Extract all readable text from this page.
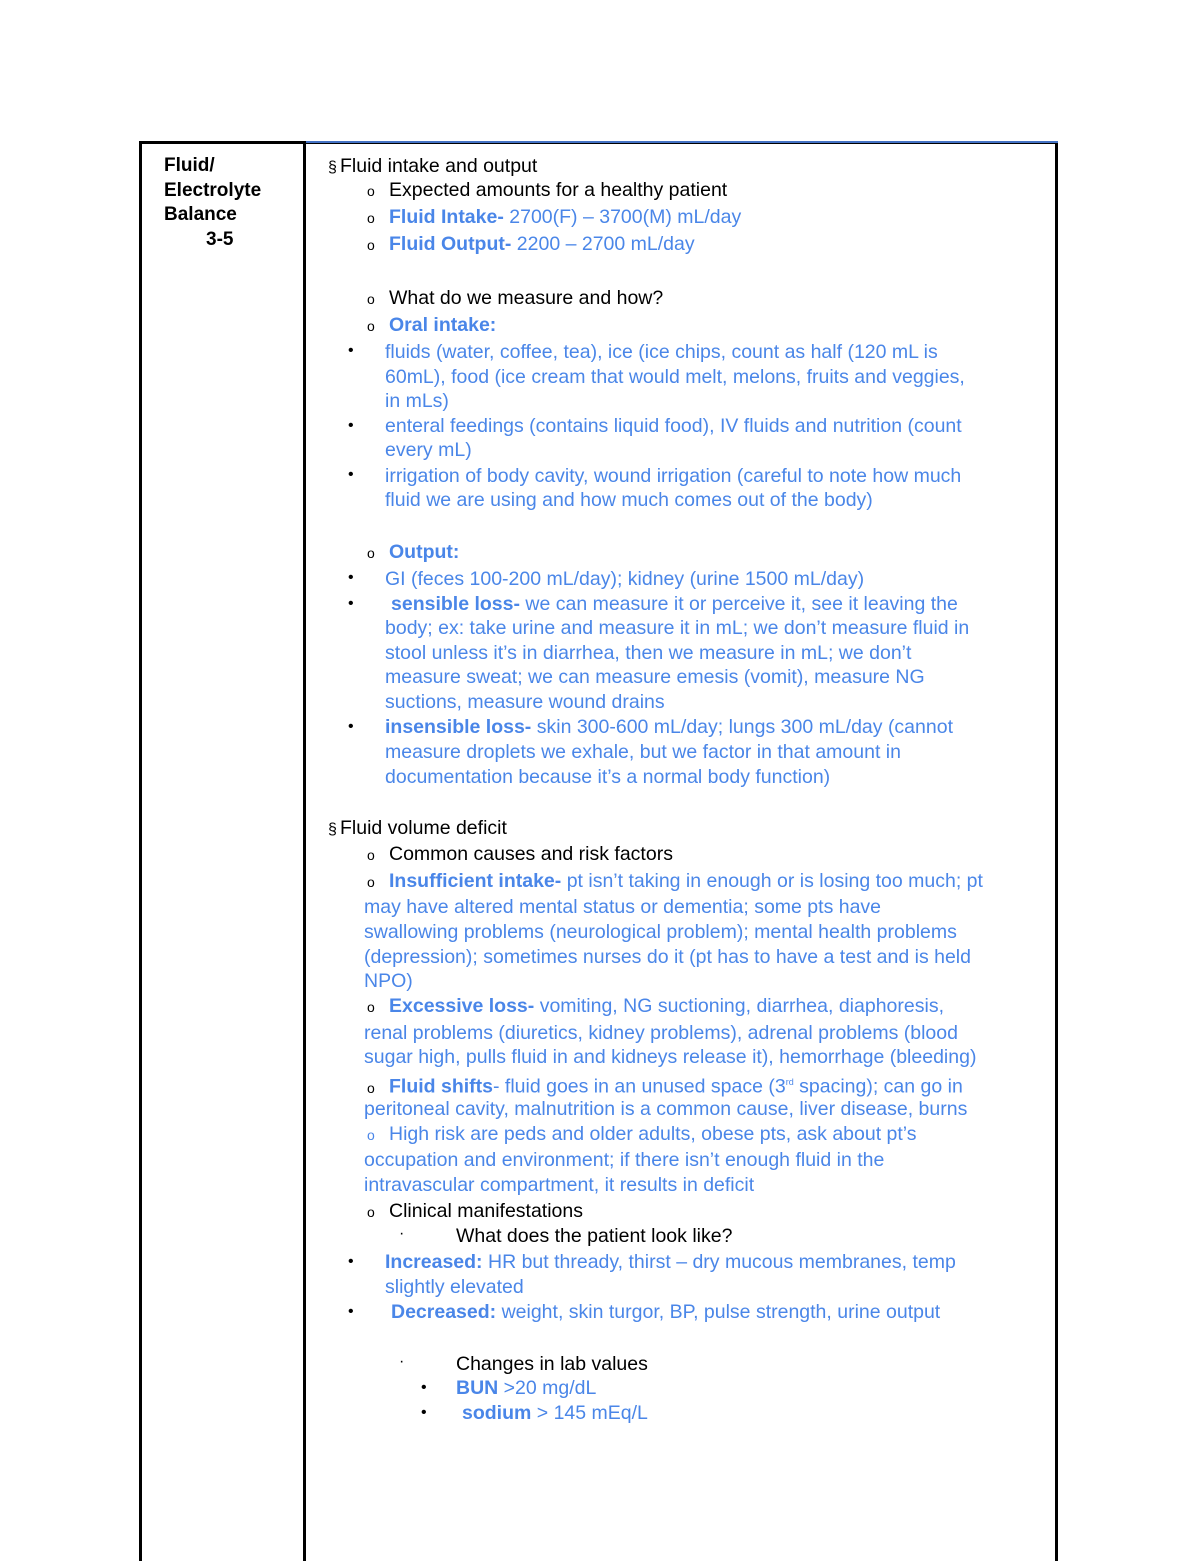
Fluid/
Electrolyte
Balance
3-5
§ Fluid intake and output
o Expected amounts for a healthy patient
o Fluid Intake- 2700(F) – 3700(M) mL/day
o Fluid Output- 2200 – 2700 mL/day
o What do we measure and how?
o Oral intake:
• fluids (water, coffee, tea), ice (ice chips, count as half (120 mL is
60mL), food (ice cream that would melt, melons, fruits and veggies,
in mLs)
• enteral feedings (contains liquid food), IV fluids and nutrition (count
every mL)
• irrigation of body cavity, wound irrigation (careful to note how much
fluid we are using and how much comes out of the body)
o Output:
• GI (feces 100-200 mL/day); kidney (urine 1500 mL/day)
•	sensible loss- we can measure it or perceive it, see it leaving the
body; ex: take urine and measure it in mL; we don’t measure fluid in
stool unless it’s in diarrhea, then we measure in mL; we don’t
measure sweat; we can measure emesis (vomit), measure NG
suctions, measure wound drains
• insensible loss- skin 300-600 mL/day; lungs 300 mL/day (cannot
measure droplets we exhale, but we factor in that amount in
documentation because it’s a normal body function)
§ Fluid volume deficit
o Common causes and risk factors
o Insufficient intake- pt isn’t taking in enough or is losing too much; pt
may have altered mental status or dementia; some pts have
swallowing problems (neurological problem); mental health problems
(depression); sometimes nurses do it (pt has to have a test and is held
NPO)
o Excessive loss- vomiting, NG suctioning, diarrhea, diaphoresis,
renal problems (diuretics, kidney problems), adrenal problems (blood
sugar high, pulls fluid in and kidneys release it), hemorrhage (bleeding)
o Fluid shifts- fluid goes in an unused space (3rd spacing); can go in
peritoneal cavity, malnutrition is a common cause, liver disease, burns
o High risk are peds and older adults, obese pts, ask about pt’s
occupation and environment; if there isn’t enough fluid in the
intravascular compartment, it results in deficit
o Clinical manifestations
·	What does the patient look like?
• Increased: HR but thready, thirst – dry mucous membranes, temp
slightly elevated
•	Decreased: weight, skin turgor, BP, pulse strength, urine output
·	Changes in lab values
• BUN >20 mg/dL
•	sodium > 145 mEq/L
